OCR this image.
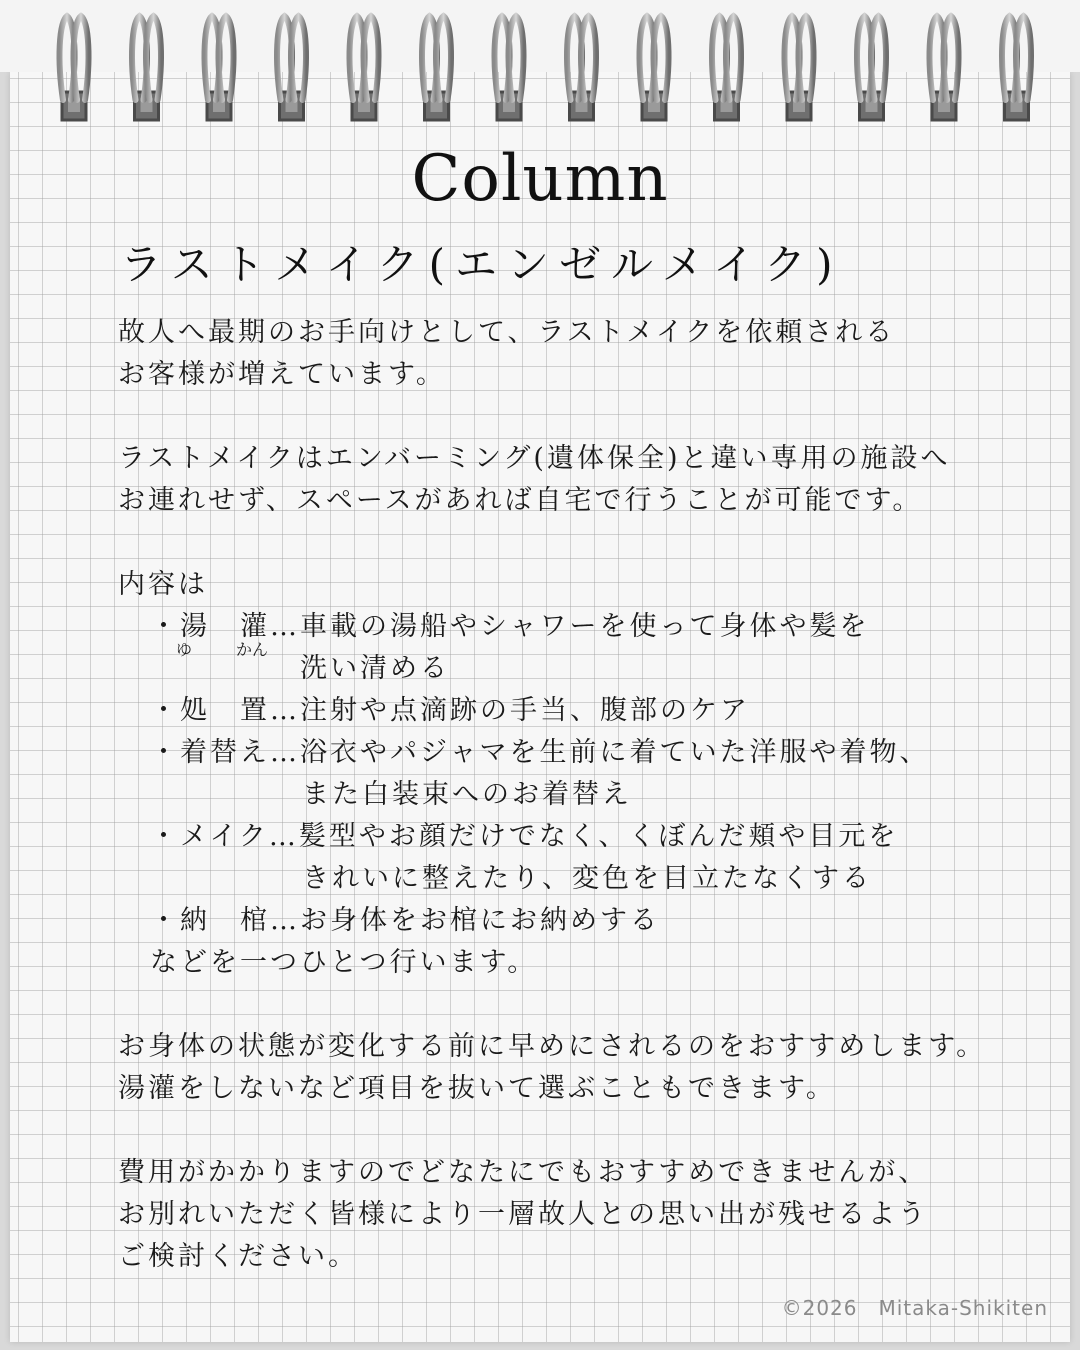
Column
ラストメイク(エンゼルメイク)
故人へ最期のお手向けとして、ラストメイクを依頼される
お客様が増えています。
ラストメイクはエンバーミング(遺体保全)と違い専用の施設へ
お連れせず、スペースがあれば自宅で行うことが可能です。
内容は
・湯　灌…車載の湯船やシャワーを使って身体や髪を
ゆ	かん
洗い清める
・処　置…注射や点滴跡の手当、腹部のケア
・着替え…浴衣やパジャマを生前に着ていた洋服や着物、
また白装束へのお着替え
・メイク…髪型やお顔だけでなく、くぼんだ頬や目元を
きれいに整えたり、変色を目立たなくする
・納　棺…お身体をお棺にお納めする
などを一つひとつ行います。
お身体の状態が変化する前に早めにされるのをおすすめします。
湯灌をしないなど項目を抜いて選ぶこともできます。
費用がかかりますのでどなたにでもおすすめできませんが、
お別れいただく皆様により一層故人との思い出が残せるよう
ご検討ください。
©2026　Mitaka-Shikiten
